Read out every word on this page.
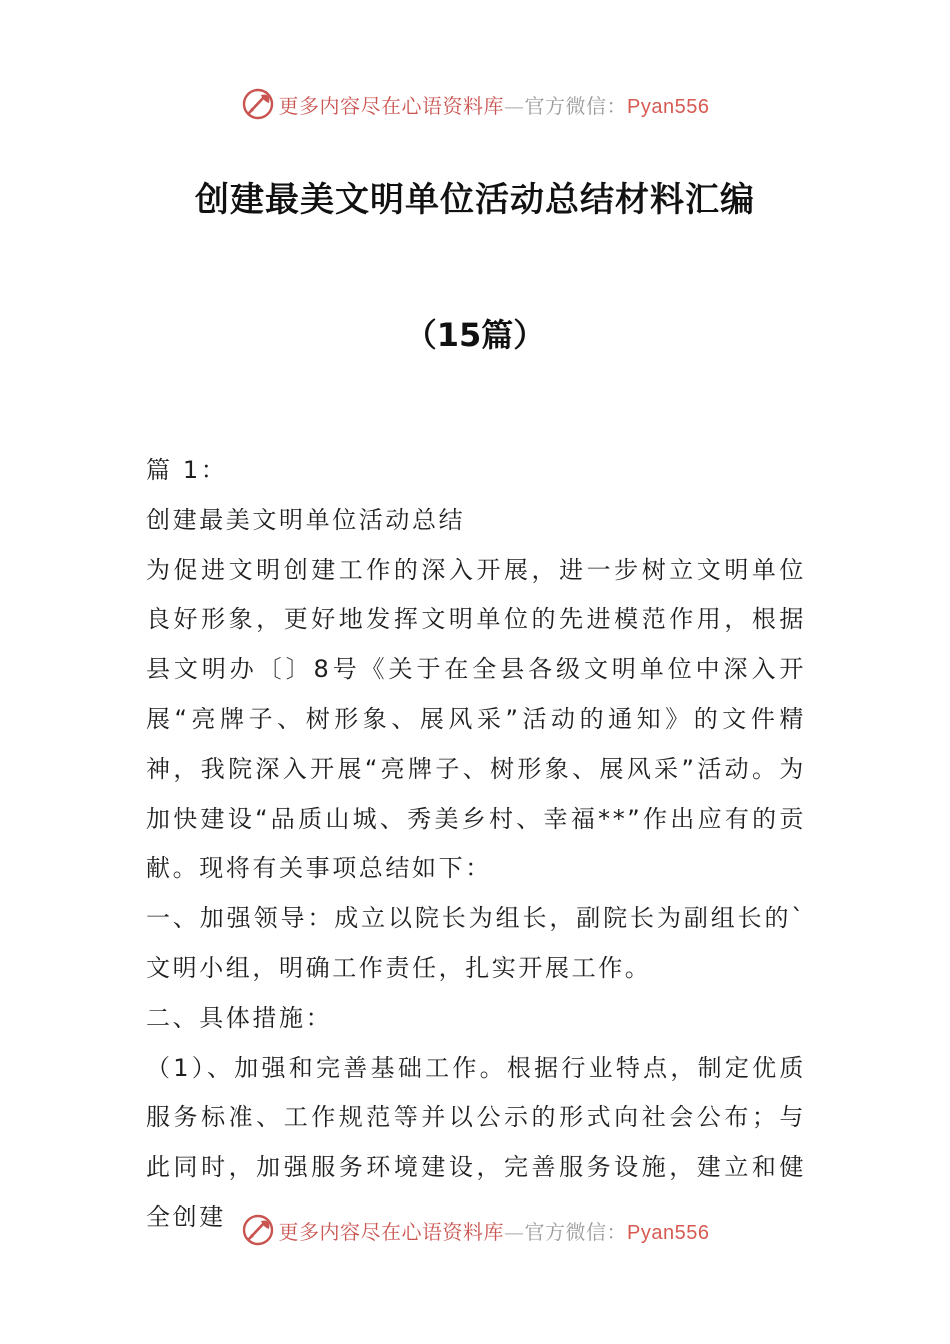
更多内容尽在心语资料库—官方微信：Pyan556
创建最美文明单位活动总结材料汇编
（15篇）

篇 1：

创建最美文明单位活动总结

为促进文明创建工作的深入开展，进一步树立文明单位良好形象，更好地发挥文明单位的先进模范作用，根据县文明办〔〕8号《关于在全县各级文明单位中深入开展“亮牌子、树形象、展风采”活动的通知》的文件精神，我院深入开展“亮牌子、树形象、展风采”活动。为加快建设“品质山城、秀美乡村、幸福**”作出应有的贡献。现将有关事项总结如下：

一、加强领导：成立以院长为组长，副院长为副组长的`文明小组，明确工作责任，扎实开展工作。

二、具体措施：

（1）、加强和完善基础工作。根据行业特点，制定优质服务标准、工作规范等并以公示的形式向社会公布；与此同时，加强服务环境建设，完善服务设施，建立和健全创建

更多内容尽在心语资料库—官方微信：Pyan556
